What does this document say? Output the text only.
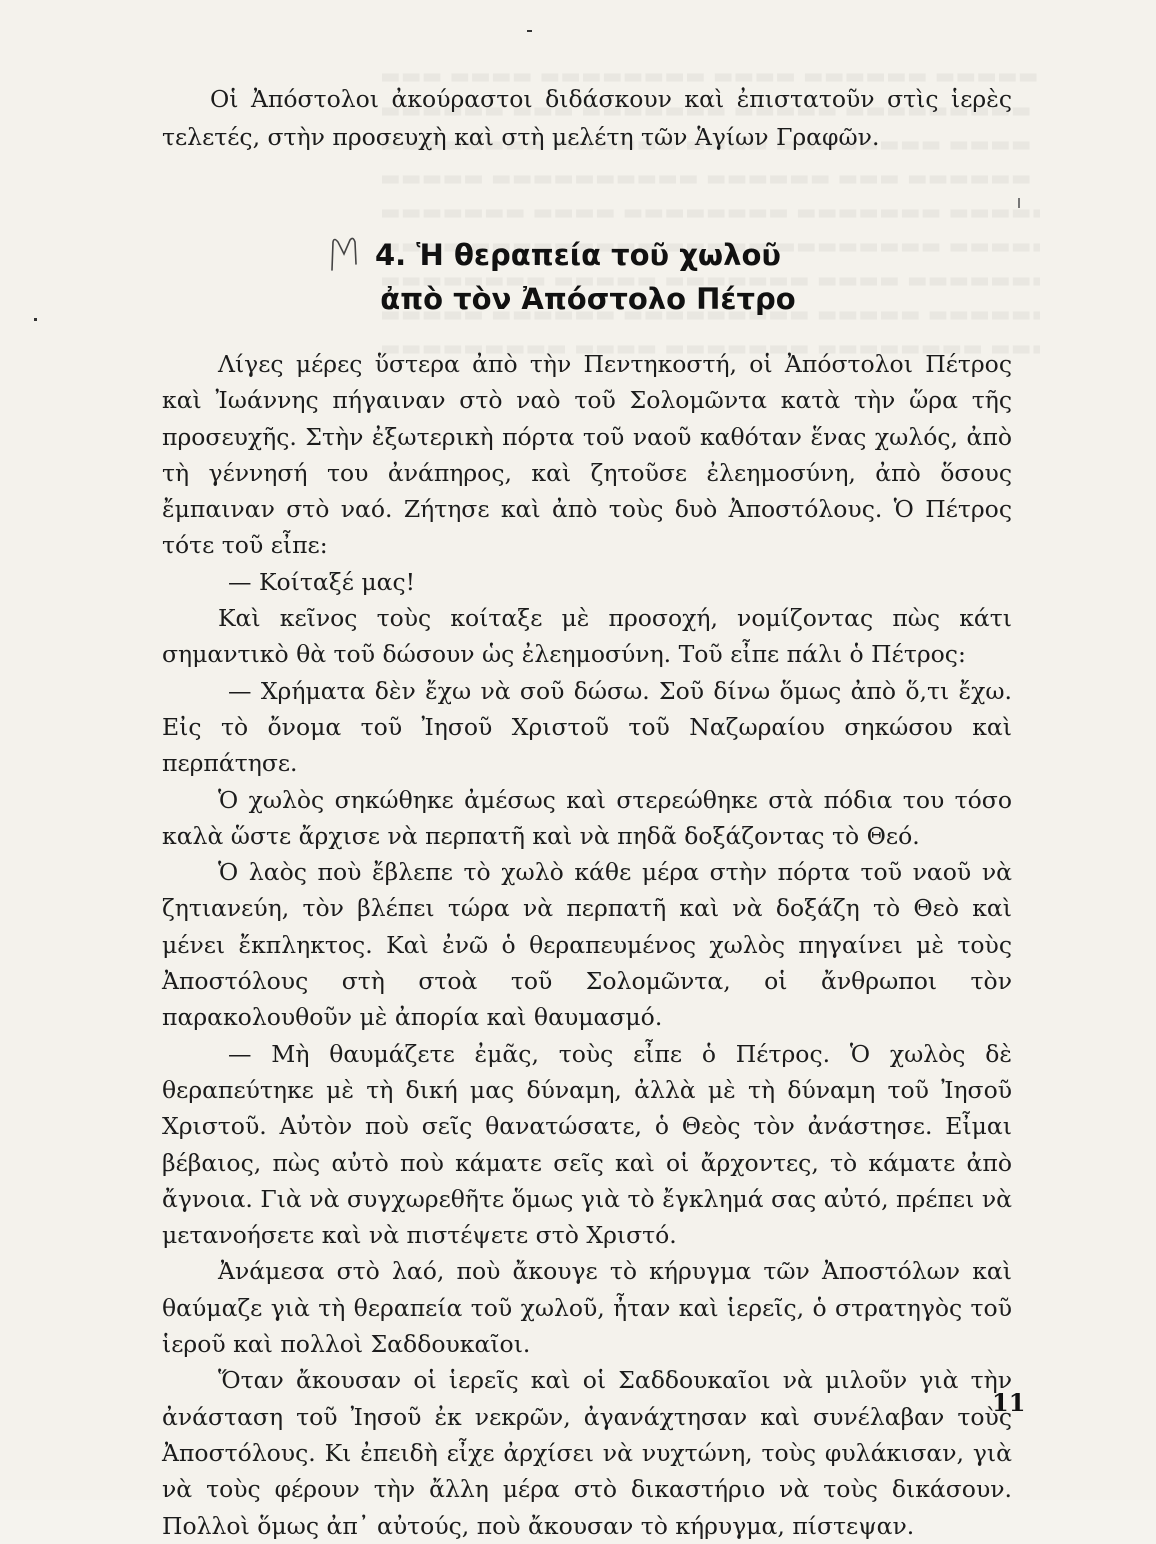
Οἱ Ἀπόστολοι ἀκούραστοι διδάσκουν καὶ ἐπιστατοῦν στὶς ἱερὲς τελετές, στὴν προσευχὴ καὶ στὴ μελέτη τῶν Ἁγίων Γραφῶν.

4. Ἡ θεραπεία τοῦ χωλοῦ
ἀπὸ τὸν Ἀπόστολο Πέτρο

Λίγες μέρες ὕστερα ἀπὸ τὴν Πεντηκοστή, οἱ Ἀπόστολοι Πέτρος καὶ Ἰωάννης πήγαιναν στὸ ναὸ τοῦ Σολομῶντα κατὰ τὴν ὥρα τῆς προσευχῆς. Στὴν ἐξωτερικὴ πόρτα τοῦ ναοῦ καθόταν ἕνας χωλός, ἀπὸ τὴ γέννησή του ἀνάπηρος, καὶ ζητοῦσε ἐλεημοσύνη, ἀπὸ ὅσους ἔμπαιναν στὸ ναό. Ζήτησε καὶ ἀπὸ τοὺς δυὸ Ἀποστόλους. Ὁ Πέτρος τότε τοῦ εἶπε:

— Κοίταξέ μας!

Καὶ κεῖνος τοὺς κοίταξε μὲ προσοχή, νομίζοντας πὼς κάτι σημαντικὸ θὰ τοῦ δώσουν ὡς ἐλεημοσύνη. Τοῦ εἶπε πάλι ὁ Πέτρος:

— Χρήματα δὲν ἔχω νὰ σοῦ δώσω. Σοῦ δίνω ὅμως ἀπὸ ὅ,τι ἔχω. Εἰς τὸ ὄνομα τοῦ Ἰησοῦ Χριστοῦ τοῦ Ναζωραίου σηκώσου καὶ περπάτησε.

Ὁ χωλὸς σηκώθηκε ἀμέσως καὶ στερεώθηκε στὰ πόδια του τόσο καλὰ ὥστε ἄρχισε νὰ περπατῆ καὶ νὰ πηδᾶ δοξάζοντας τὸ Θεό.

Ὁ λαὸς ποὺ ἔβλεπε τὸ χωλὸ κάθε μέρα στὴν πόρτα τοῦ ναοῦ νὰ ζητιανεύη, τὸν βλέπει τώρα νὰ περπατῆ καὶ νὰ δοξάζη τὸ Θεὸ καὶ μένει ἔκπληκτος. Καὶ ἐνῶ ὁ θεραπευμένος χωλὸς πηγαίνει μὲ τοὺς Ἀποστόλους στὴ στοὰ τοῦ Σολομῶντα, οἱ ἄνθρωποι τὸν παρακολουθοῦν μὲ ἀπορία καὶ θαυμασμό.

— Μὴ θαυμάζετε ἐμᾶς, τοὺς εἶπε ὁ Πέτρος. Ὁ χωλὸς δὲ θεραπεύτηκε μὲ τὴ δική μας δύναμη, ἀλλὰ μὲ τὴ δύναμη τοῦ Ἰησοῦ Χριστοῦ. Αὐτὸν ποὺ σεῖς θανατώσατε, ὁ Θεὸς τὸν ἀνάστησε. Εἶμαι βέβαιος, πὼς αὐτὸ ποὺ κάματε σεῖς καὶ οἱ ἄρχοντες, τὸ κάματε ἀπὸ ἄγνοια. Γιὰ νὰ συγχωρεθῆτε ὅμως γιὰ τὸ ἔγκλημά σας αὐτό, πρέπει νὰ μετανοήσετε καὶ νὰ πιστέψετε στὸ Χριστό.

Ἀνάμεσα στὸ λαό, ποὺ ἄκουγε τὸ κήρυγμα τῶν Ἀποστόλων καὶ θαύμαζε γιὰ τὴ θεραπεία τοῦ χωλοῦ, ἦταν καὶ ἱερεῖς, ὁ στρατηγὸς τοῦ ἱεροῦ καὶ πολλοὶ Σαδδουκαῖοι.

Ὅταν ἄκουσαν οἱ ἱερεῖς καὶ οἱ Σαδδουκαῖοι νὰ μιλοῦν γιὰ τὴν ἀνάσταση τοῦ Ἰησοῦ ἐκ νεκρῶν, ἀγανάχτησαν καὶ συνέλαβαν τοὺς Ἀποστόλους. Κι ἐπειδὴ εἶχε ἀρχίσει νὰ νυχτώνη, τοὺς φυλάκισαν, γιὰ νὰ τοὺς φέρουν τὴν ἄλλη μέρα στὸ δικαστήριο νὰ τοὺς δικάσουν. Πολλοὶ ὅμως ἀπ᾿ αὐτούς, ποὺ ἄκουσαν τὸ κήρυγμα, πίστεψαν.

11
